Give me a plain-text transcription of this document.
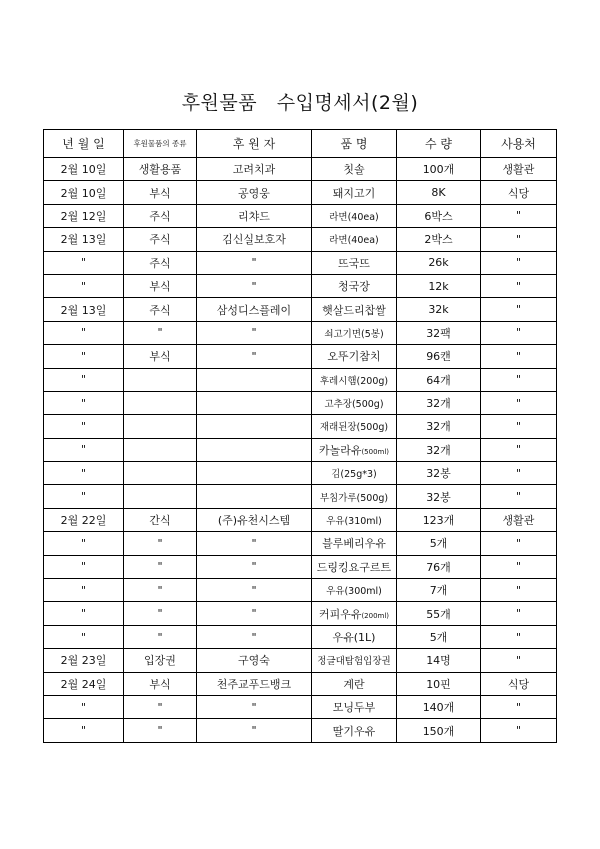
후원물품   수입명세서(2월)
년 월 일	후원물품의 종류	후 원 자	품 명	수 량	사용처
2월 10일	생활용품	고려치과	칫솔	100개	생활관
2월 10일	부식	공영웅	돼지고기	8K	식당
2월 12일	주식	리챠드	라면(40ea)	6박스	"
2월 13일	주식	김신실보호자	라면(40ea)	2박스	"
"	주식	"	뜨국뜨	26k	"
"	부식	"	청국장	12k	"
2월 13일	주식	삼성디스플레이	햇살드리찹쌀	32k	"
"	"	"	쇠고기면(5봉)	32팩	"
"	부식	"	오뚜기참치	96캔	"
"			후레시햄(200g)	64개	"
"			고추장(500g)	32개	"
"			재래된장(500g)	32개	"
"			카놀라유(500ml)	32개	"
"			김(25g*3)	32봉	"
"			부침가루(500g)	32봉	"
2월 22일	간식	(주)유천시스템	우유(310ml)	123개	생활관
"	"	"	블루베리우유	5개	"
"	"	"	드링킹요구르트	76개	"
"	"	"	우유(300ml)	7개	"
"	"	"	커피우유(200ml)	55개	"
"	"	"	우유(1L)	5개	"
2월 23일	입장권	구영숙	정글대탐험입장권	14명	"
2월 24일	부식	천주교푸드뱅크	계란	10핀	식당
"	"	"	모닝두부	140개	"
"	"	"	딸기우유	150개	"
